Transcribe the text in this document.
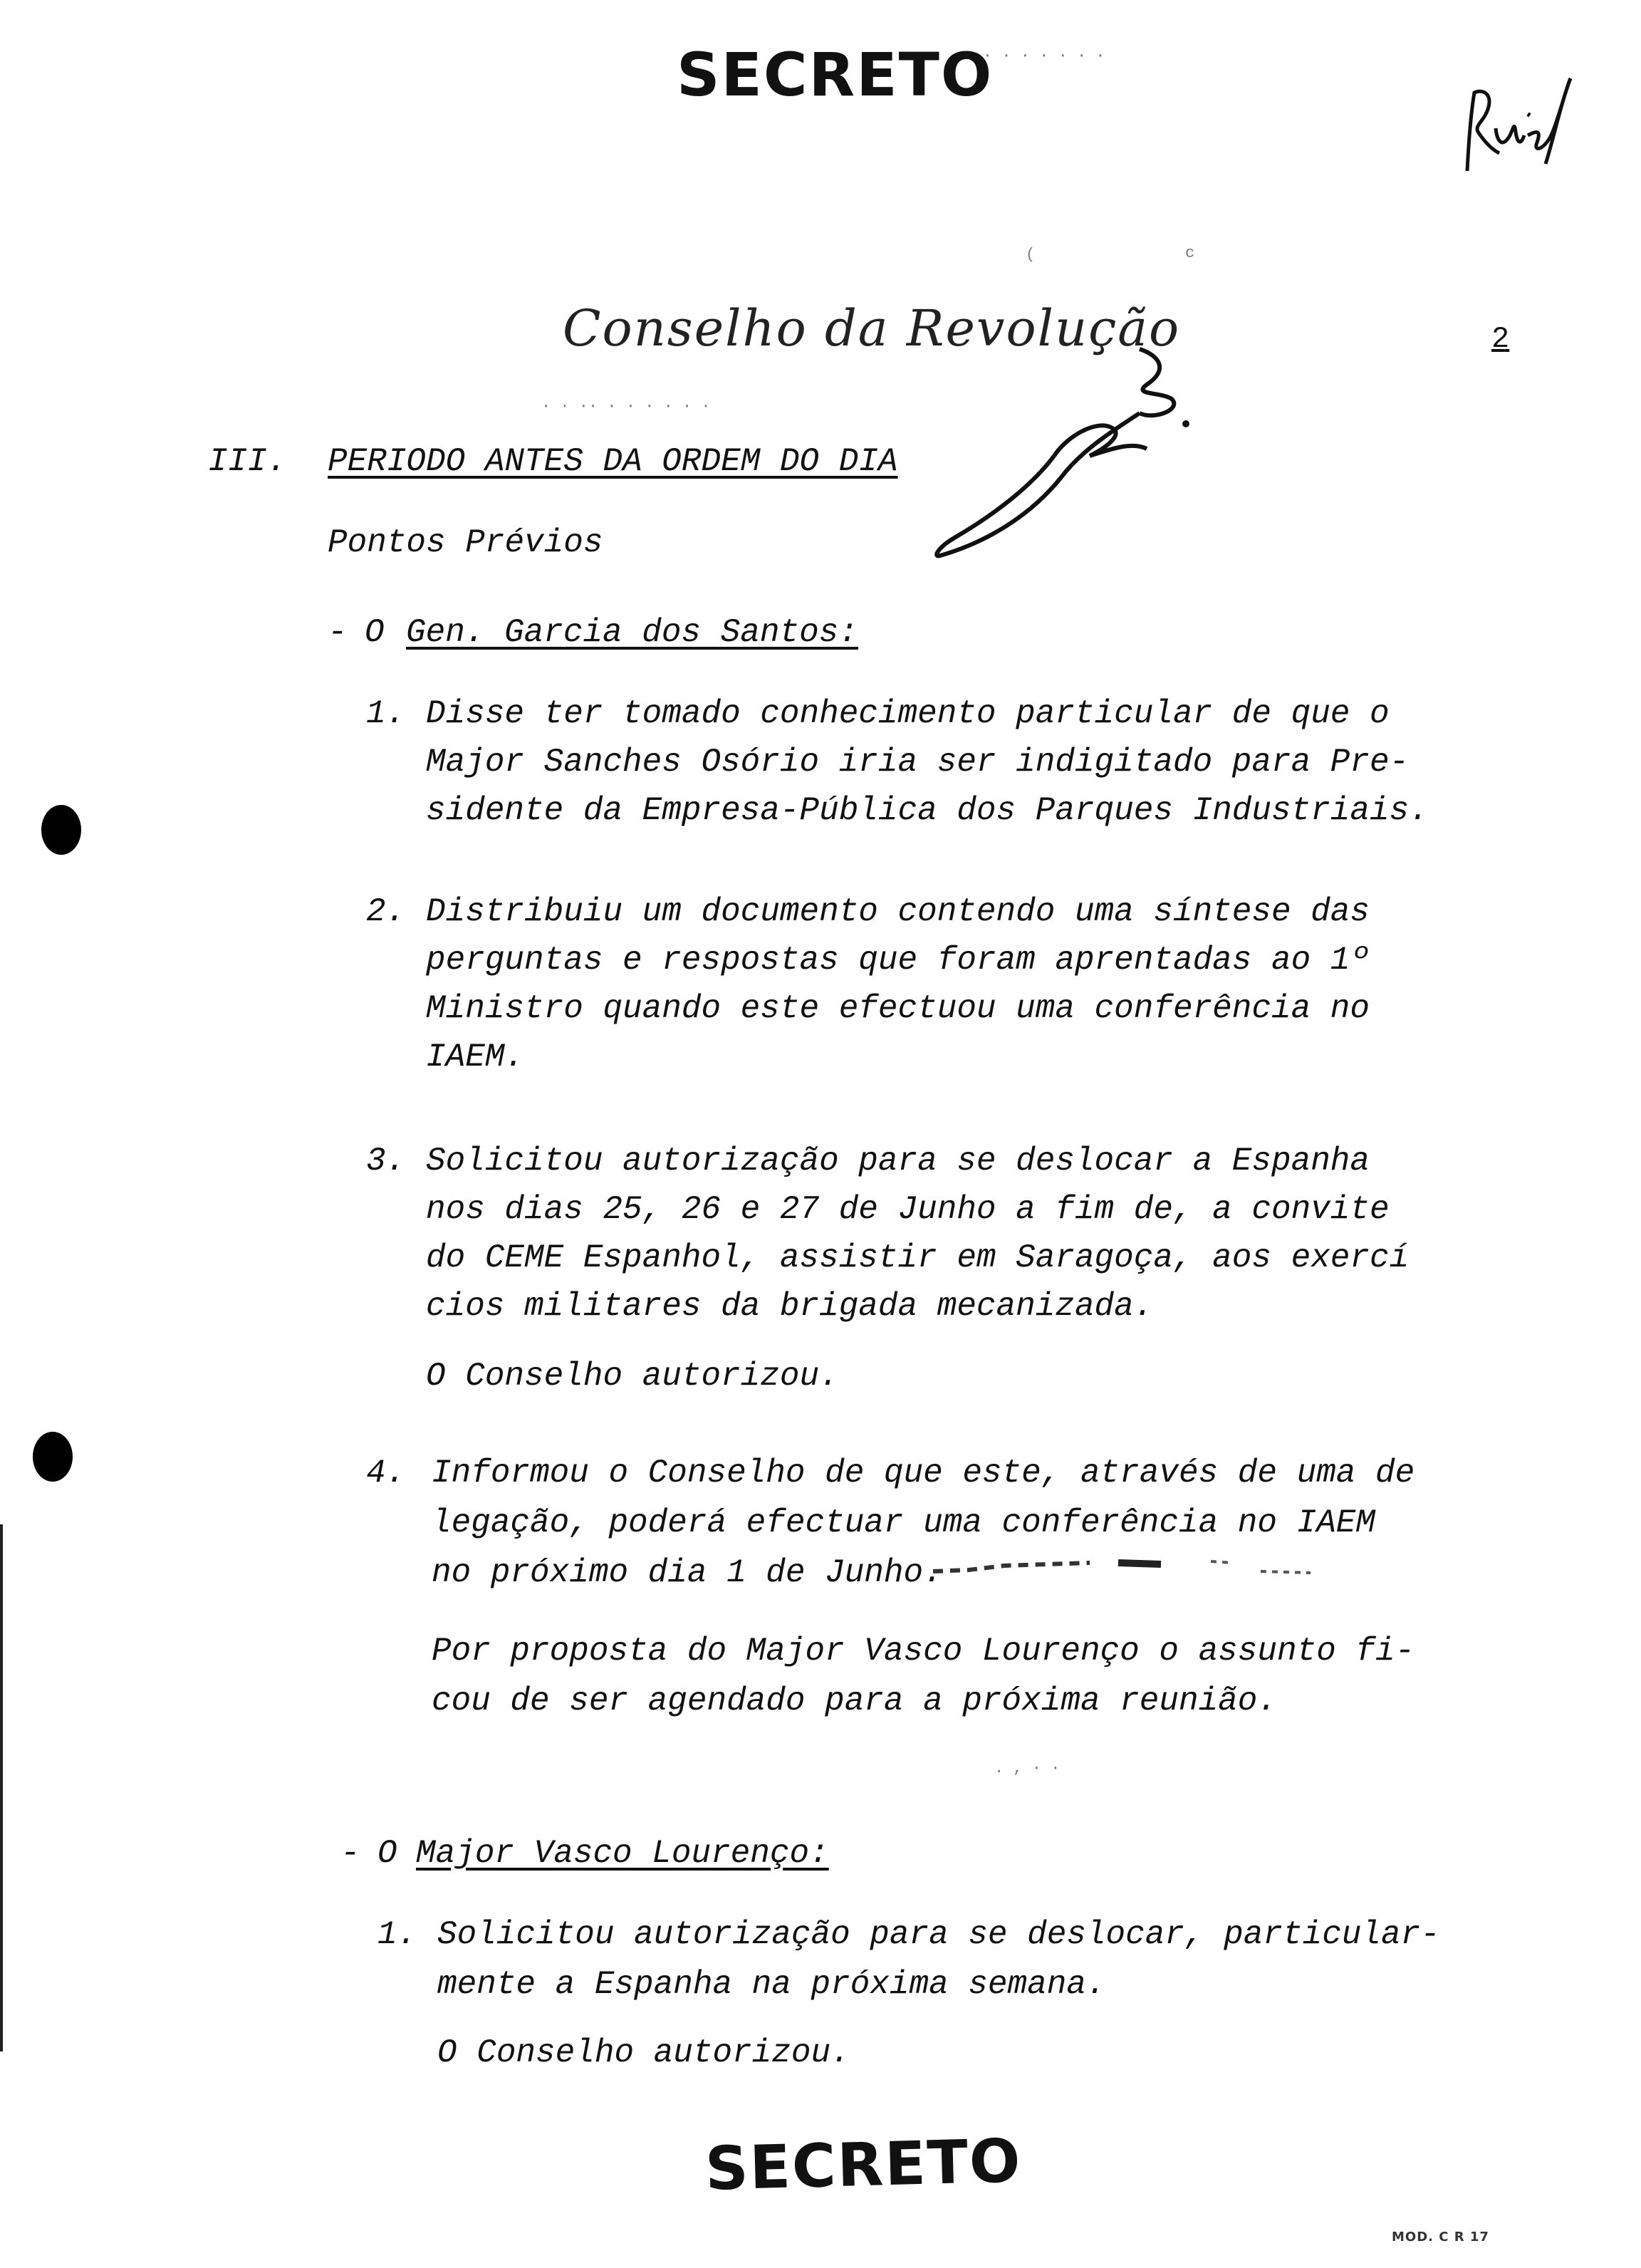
SECRETO
· · · · · · ·
(	c
Conselho da Revolução	2
· · ·· · · · · · ·
III. PERIODO ANTES DA ORDEM DO DIA
Pontos Prévios
- O Gen. Garcia dos Santos:
1. Disse ter tomado conhecimento particular de que o
Major Sanches Osório iria ser indigitado para Pre-
sidente da Empresa-Pública dos Parques Industriais.
2. Distribuiu um documento contendo uma síntese das
perguntas e respostas que foram aprentadas ao 1º
Ministro quando este efectuou uma conferência no
IAEM.
3. Solicitou autorização para se deslocar a Espanha
nos dias 25, 26 e 27 de Junho a fim de, a convite
do CEME Espanhol, assistir em Saragoça, aos exercí
cios militares da brigada mecanizada.
O Conselho autorizou.
4. Informou o Conselho de que este, através de uma de
legação, poderá efectuar uma conferência no IAEM
no próximo dia 1 de Junho.
Por proposta do Major Vasco Lourenço o assunto fi-
cou de ser agendado para a próxima reunião.
. , · ·
- O Major Vasco Lourenço:
1. Solicitou autorização para se deslocar, particular-
mente a Espanha na próxima semana.
O Conselho autorizou.
SECRETO
MOD. C R 17
